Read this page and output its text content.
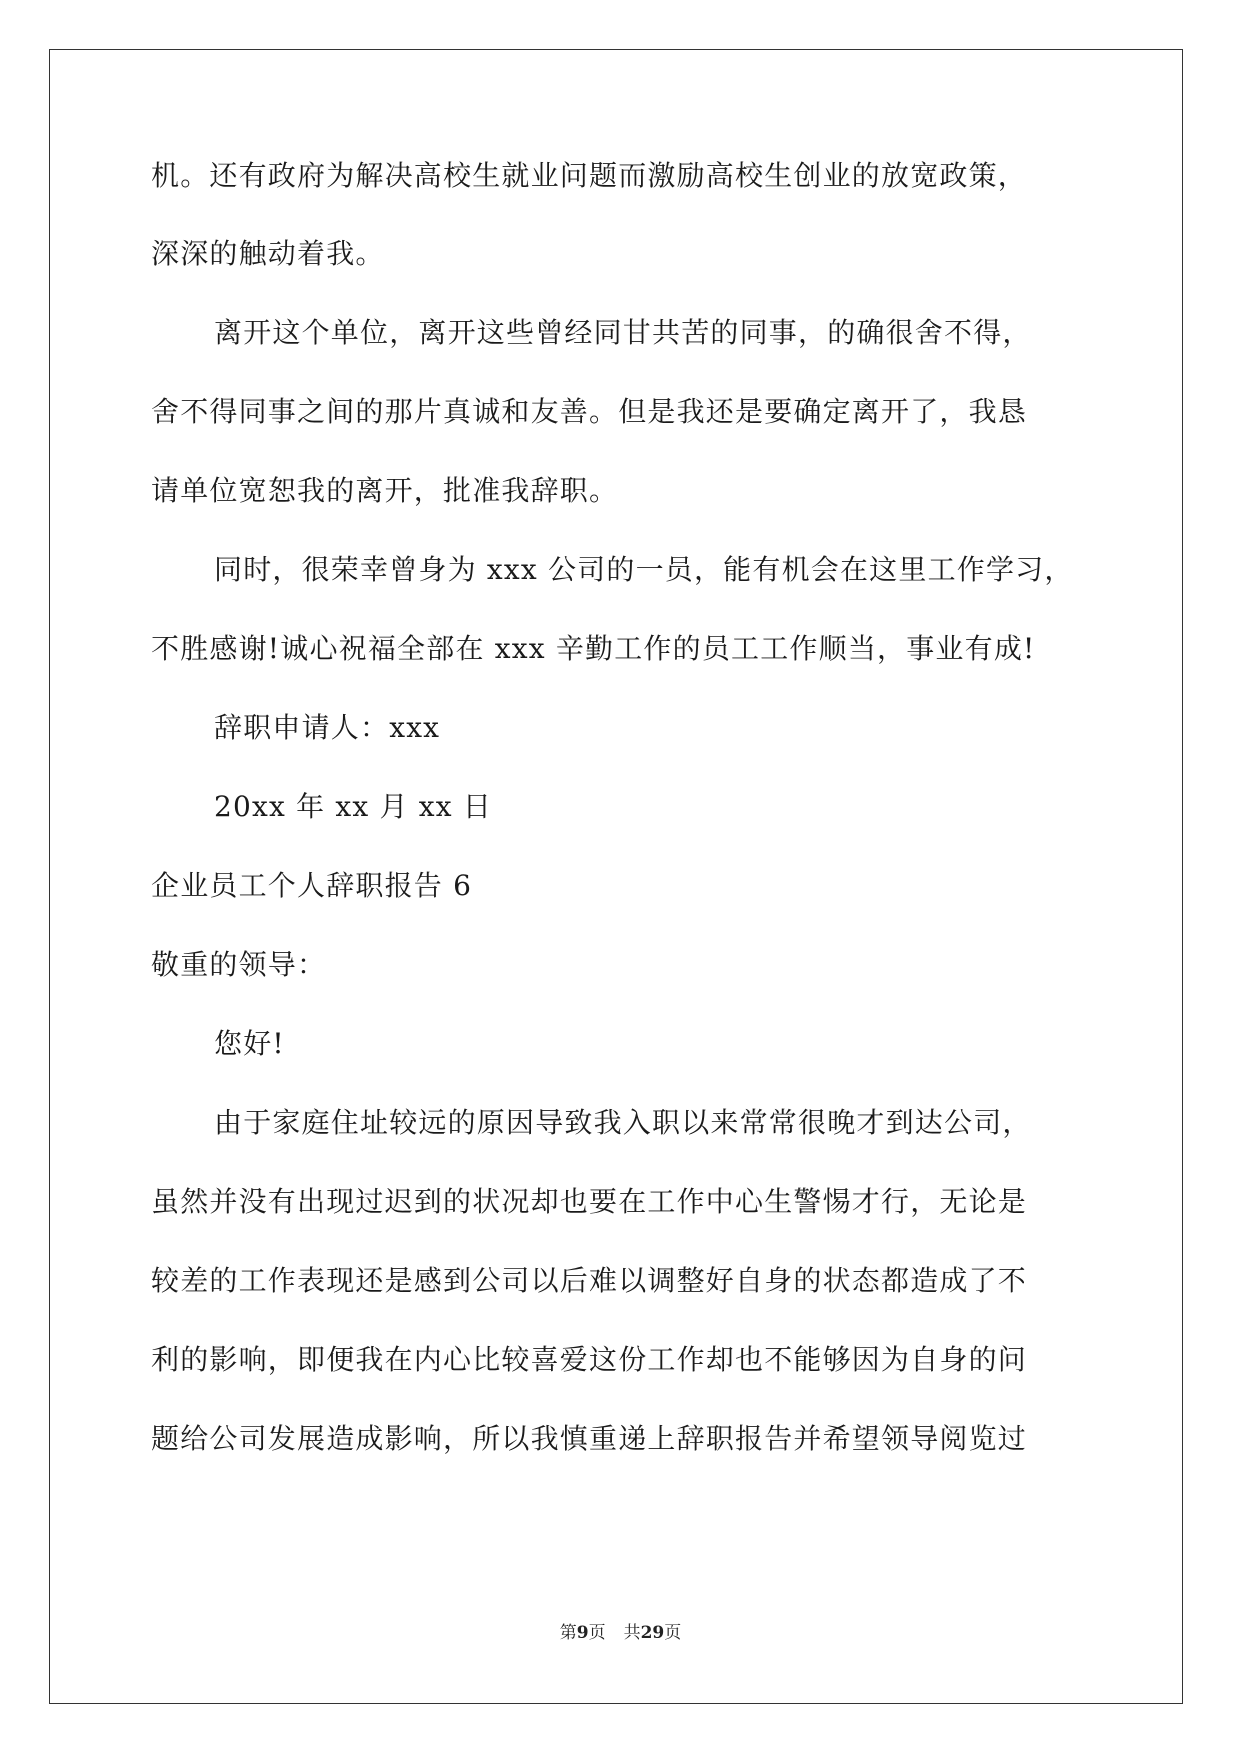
机。还有政府为解决高校生就业问题而激励高校生创业的放宽政策，
深深的触动着我。
离开这个单位，离开这些曾经同甘共苦的同事，的确很舍不得，
舍不得同事之间的那片真诚和友善。但是我还是要确定离开了，我恳
请单位宽恕我的离开，批准我辞职。
同时，很荣幸曾身为 xxx 公司的一员，能有机会在这里工作学习，
不胜感谢!诚心祝福全部在 xxx 辛勤工作的员工工作顺当，事业有成!
辞职申请人：xxx
20xx 年 xx 月 xx 日
企业员工个人辞职报告 6
敬重的领导：
您好!
由于家庭住址较远的原因导致我入职以来常常很晚才到达公司，
虽然并没有出现过迟到的状况却也要在工作中心生警惕才行，无论是
较差的工作表现还是感到公司以后难以调整好自身的状态都造成了不
利的影响，即便我在内心比较喜爱这份工作却也不能够因为自身的问
题给公司发展造成影响，所以我慎重递上辞职报告并希望领导阅览过
第9页 共29页
